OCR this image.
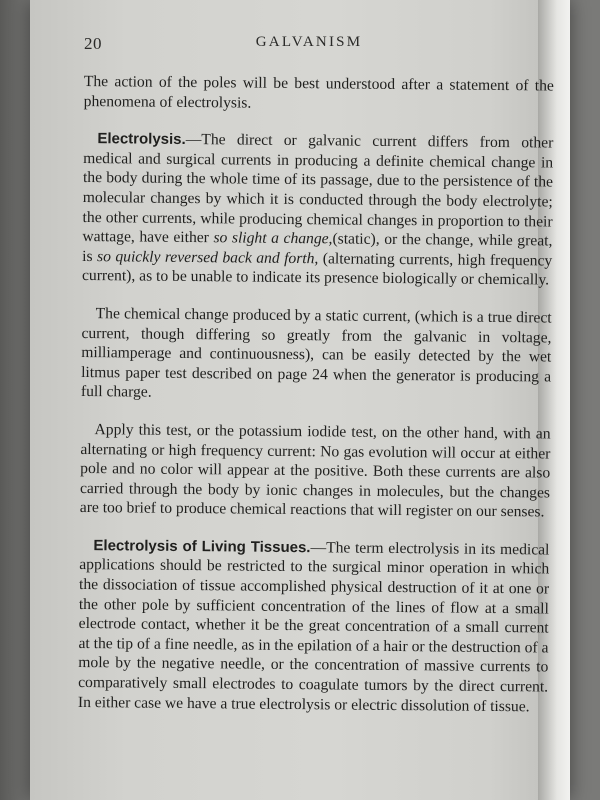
20	GALVANISM

The action of the poles will be best understood after a statement of the phenomena of electrolysis.

Electrolysis.—The direct or galvanic current differs from other medical and surgical currents in producing a definite chemical change in the body during the whole time of its passage, due to the persistence of the molecular changes by which it is conducted through the body electrolyte; the other currents, while producing chemical changes in proportion to their wattage, have either so slight a change,(static), or the change, while great, is so quickly reversed back and forth, (alternating currents, high frequency current), as to be unable to indicate its presence biologically or chemically.

The chemical change produced by a static current, (which is a true direct current, though differing so greatly from the galvanic in voltage, milliamperage and continuousness), can be easily detected by the wet litmus paper test described on page 24 when the generator is producing a full charge.

Apply this test, or the potassium iodide test, on the other hand, with an alternating or high frequency current: No gas evolution will occur at either pole and no color will appear at the positive. Both these currents are also carried through the body by ionic changes in molecules, but the changes are too brief to produce chemical reactions that will register on our senses.

Electrolysis of Living Tissues.—The term electrolysis in its medical applications should be restricted to the surgical minor operation in which the dissociation of tissue accomplished physical destruction of it at one or the other pole by sufficient concentration of the lines of flow at a small electrode contact, whether it be the great concentration of a small current at the tip of a fine needle, as in the epilation of a hair or the destruction of a mole by the negative needle, or the concentration of massive currents to comparatively small electrodes to coagulate tumors by the direct current. In either case we have a true electrolysis or electric dissolution of tissue.
